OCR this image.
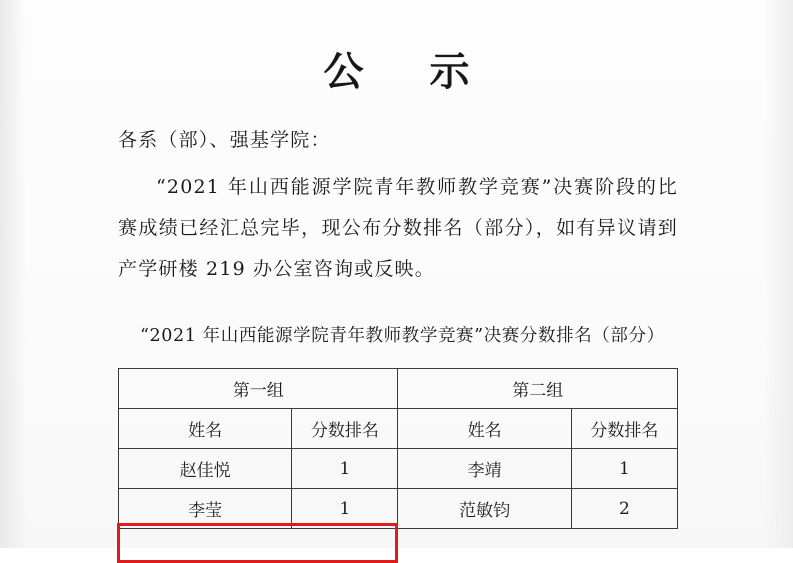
公 示

各系（部）、强基学院：

“2021 年山西能源学院青年教师教学竞赛”决赛阶段的比赛成绩已经汇总完毕，现公布分数排名（部分），如有异议请到产学研楼 219 办公室咨询或反映。

“2021 年山西能源学院青年教师教学竞赛”决赛分数排名（部分）
第一组		第二组	
姓名	分数排名	姓名	分数排名
赵佳悦	1	李靖	1
李莹	1	范敏钧	2
